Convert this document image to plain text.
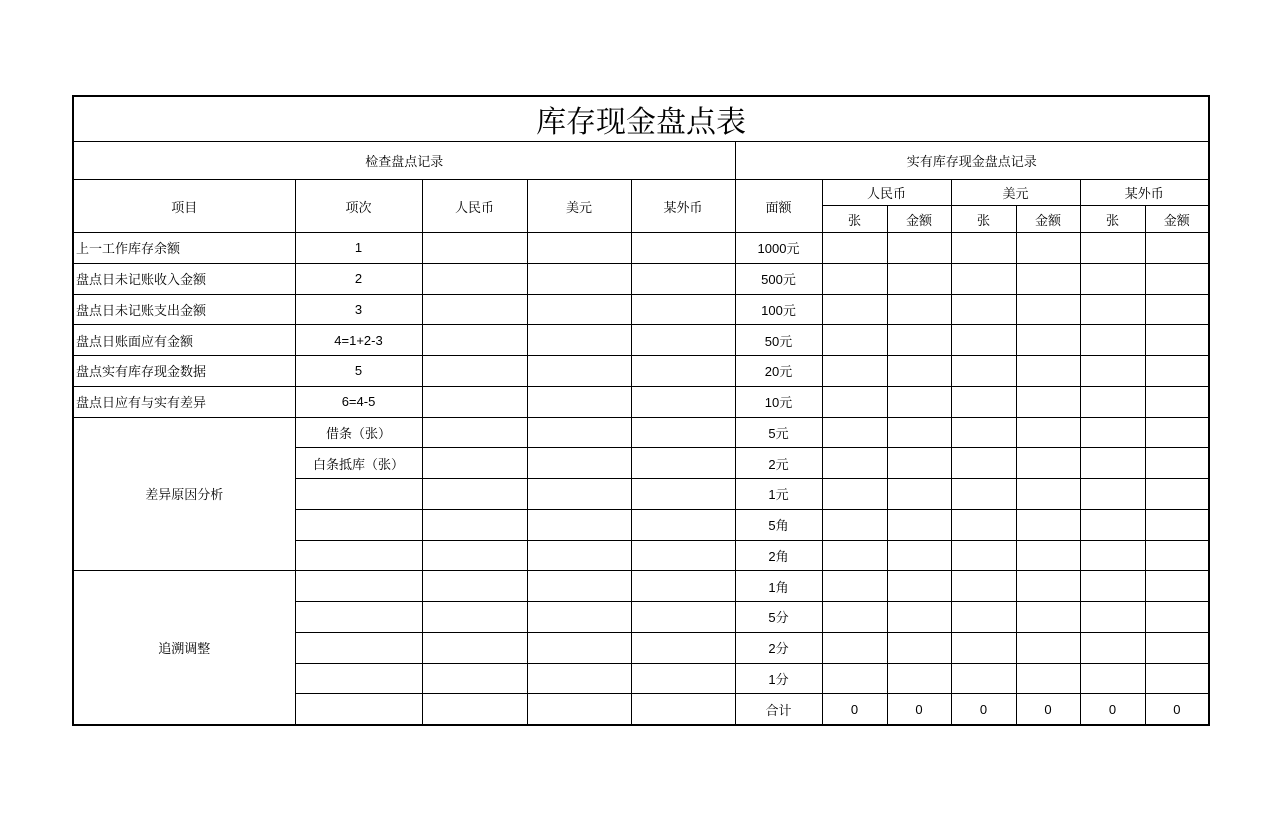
库存现金盘点表											
检查盘点记录					实有库存现金盘点记录						
项目	项次	人民币	美元	某外币	面额	人民币		美元		某外币	
						张	金额	张	金额	张	金额
上一工作库存余额	1				1000元						
盘点日未记账收入金额	2				500元						
盘点日未记账支出金额	3				100元						
盘点日账面应有金额	4=1+2-3				50元						
盘点实有库存现金数据	5				20元						
盘点日应有与实有差异	6=4-5				10元						
差异原因分析	借条（张）				5元						
	白条抵库（张）				2元						
					1元						
					5角						
					2角						
追溯调整					1角						
					5分						
					2分						
					1分						
					合计	0	0	0	0	0	0
